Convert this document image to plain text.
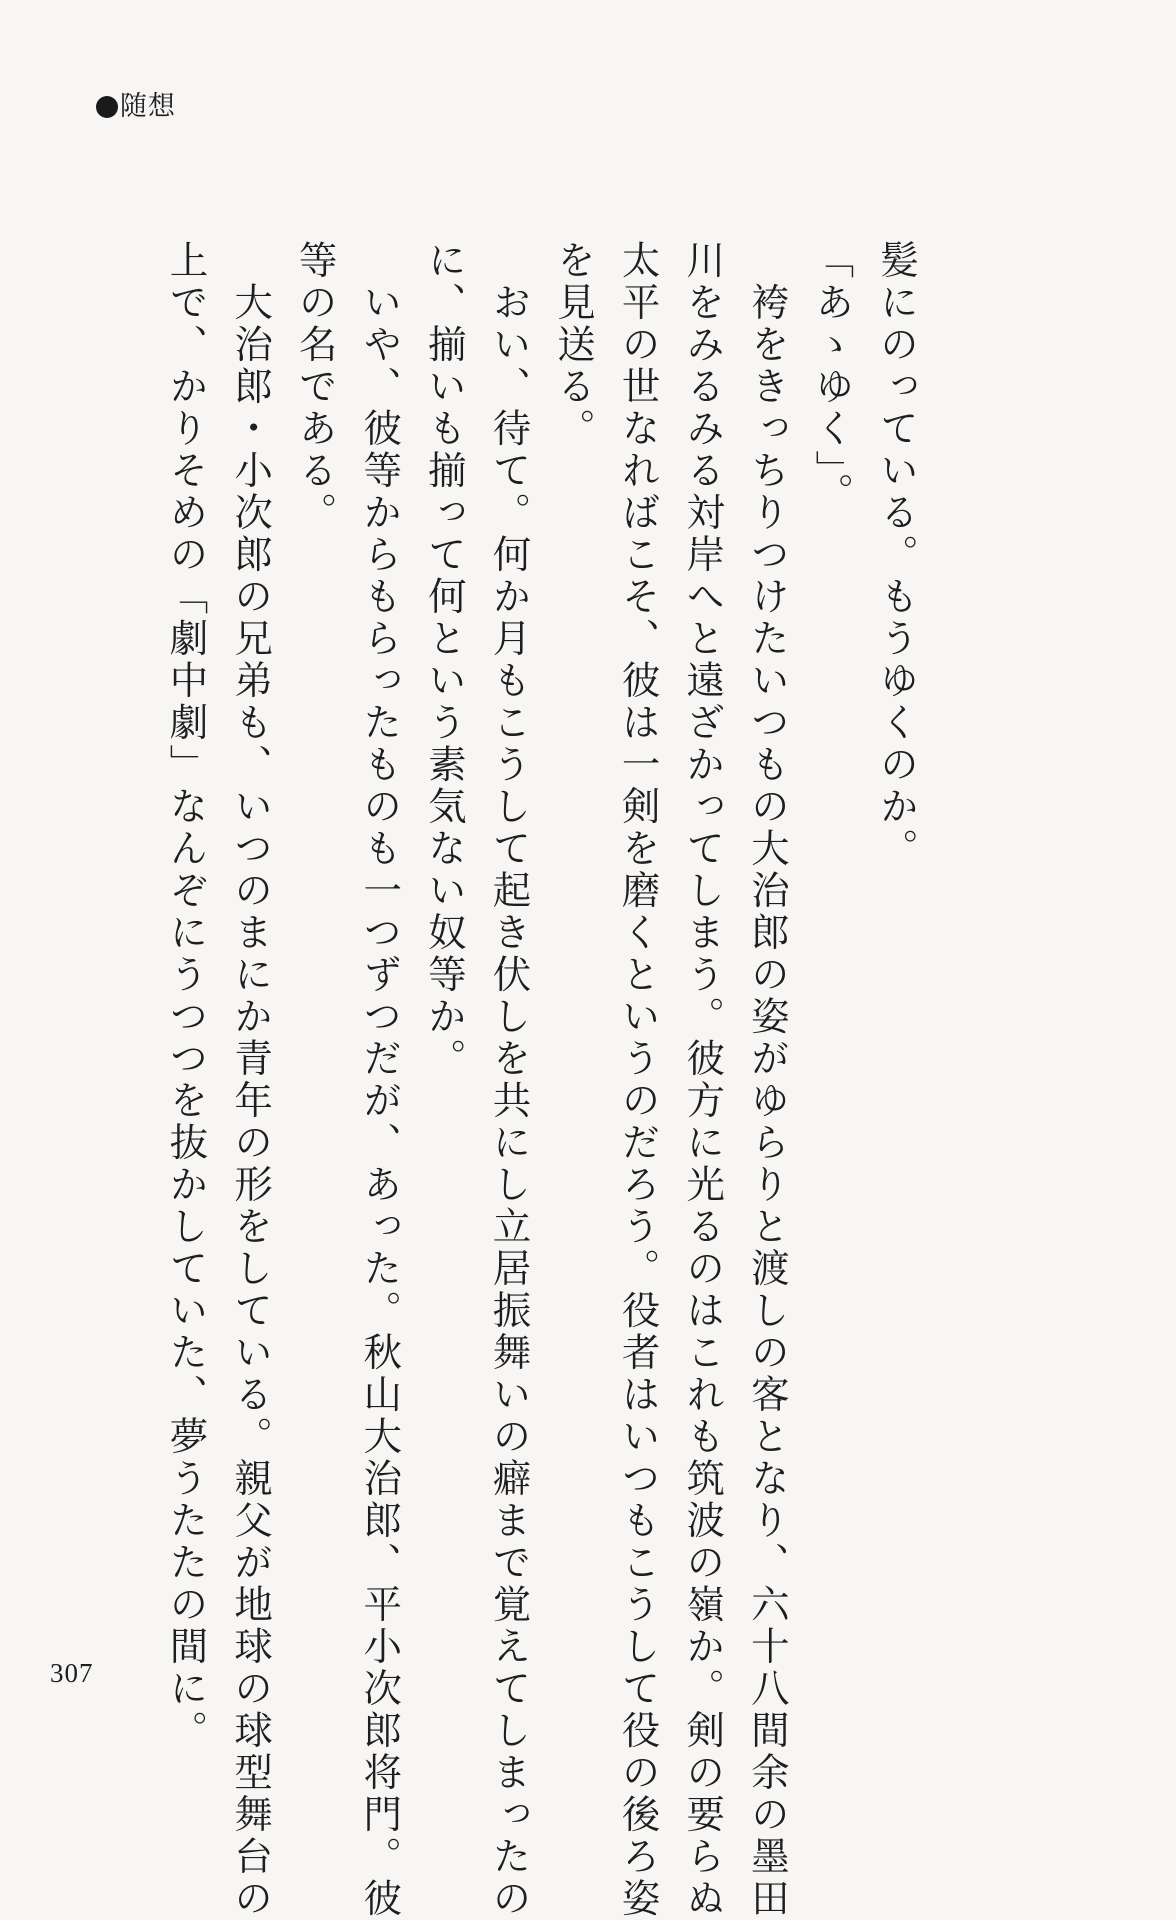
随想

髪にのっている。もうゆくのか。

「あゝゆく」。

　袴をきっちりつけたいつもの大治郎の姿がゆらりと渡しの客となり、六十八間余の墨田

川をみるみる対岸へと遠ざかってしまう。彼方に光るのはこれも筑波の嶺か。剣の要らぬ

太平の世なればこそ、彼は一剣を磨くというのだろう。役者はいつもこうして役の後ろ姿

を見送る。

　おい、待て。何か月もこうして起き伏しを共にし立居振舞いの癖まで覚えてしまったの

に、揃いも揃って何という素気ない奴等か。

　いや、彼等からもらったものも一つずつだが、あった。秋山大治郎、平小次郎将門。彼

等の名である。

　大治郎・小次郎の兄弟も、いつのまにか青年の形をしている。親父が地球の球型舞台の

上で、かりそめの「劇中劇」なんぞにうつつを抜かしていた、夢うたたの間に。

307
